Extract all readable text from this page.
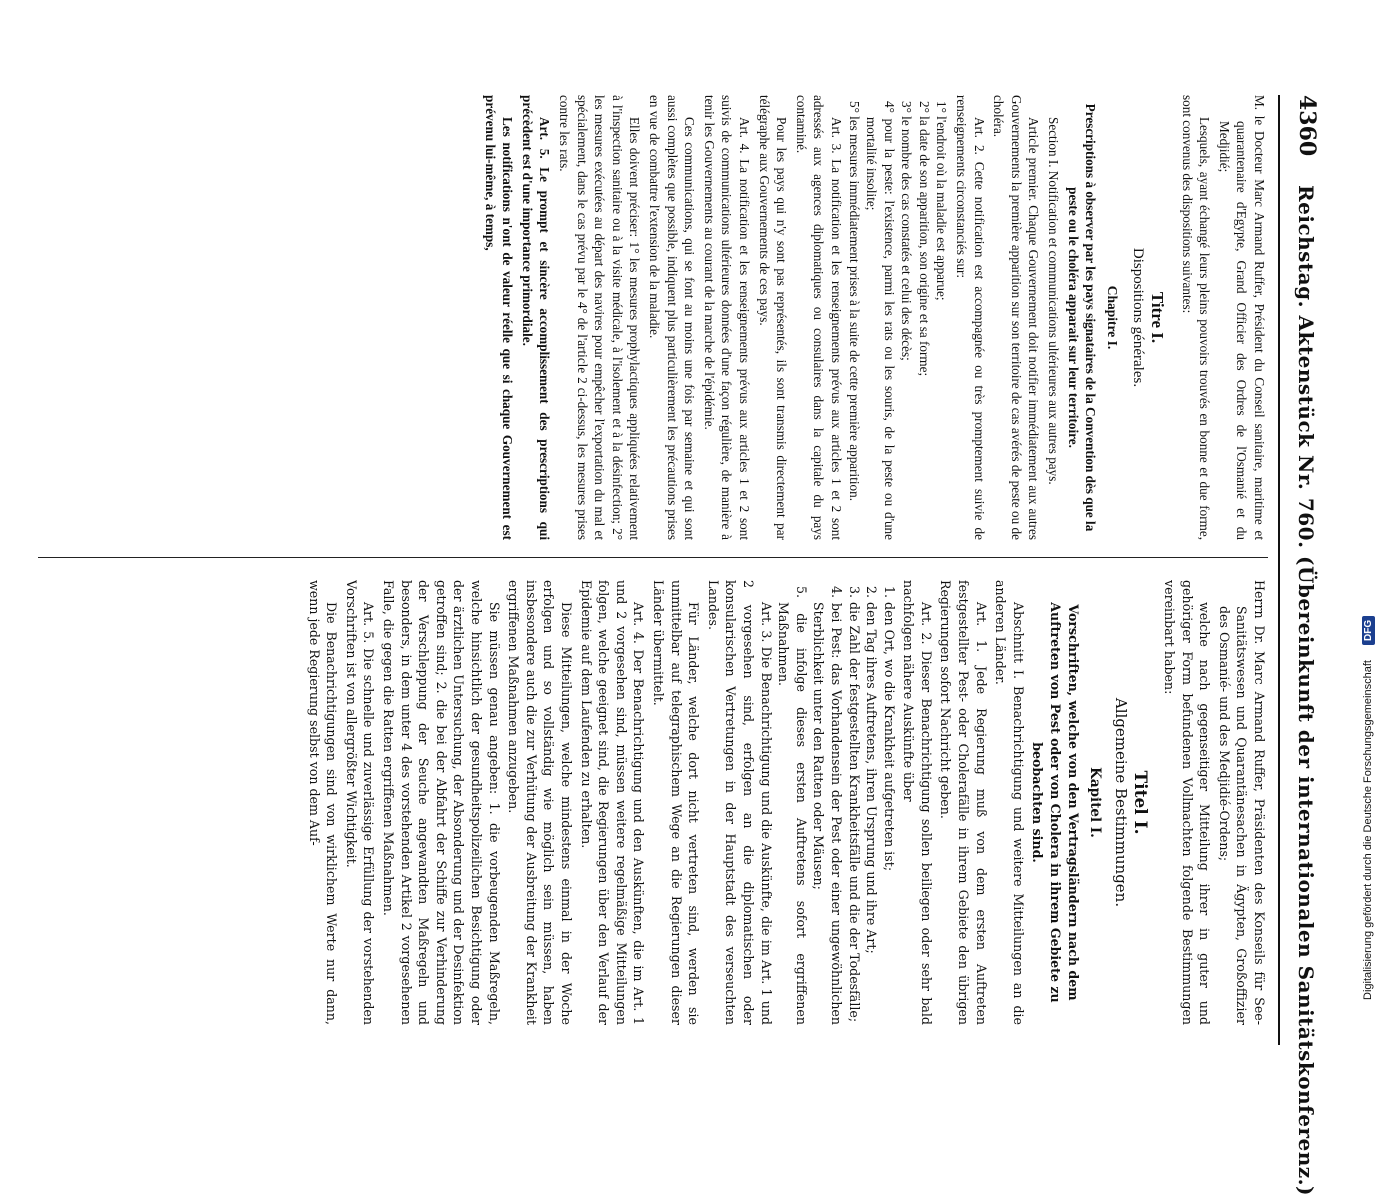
4360
Reichstag. Aktenstück Nr. 760. (Übereinkunft der internationalen Sanitätskonferenz.)

M. le Docteur Marc Armand Ruffer, Président du Conseil sanitaire, maritime et quarantenaire d'Egypte, Grand Officier des Ordres de l'Osmanié et du Medjidié;

Lesquels, ayant échangé leurs pleins pouvoirs trouvés en bonne et due forme, sont convenus des dispositions suivantes:

Titre I.

Dispositions générales.

Chapitre I.

Prescriptions à observer par les pays signataires de la Convention dès que la peste ou le choléra apparait sur leur territoire.

Section I. Notification et communications ultérieures aux autres pays.

Article premier. Chaque Gouvernement doit notifier immédiatement aux autres Gouvernements la première apparition sur son territoire de cas avérés de peste ou de choléra.

Art. 2. Cette notification est accompagnée ou très promptement suivie de renseignements circonstanciés sur:

1° l'endroit où la maladie est apparue;

2° la date de son apparition, son origine et sa forme;

3° le nombre des cas constatés et celui des décès;

4° pour la peste: l'existence, parmi les rats ou les souris, de la peste ou d'une mortalité insolite;

5° les mesures immédiatement prises à la suite de cette première apparition.

Art. 3. La notification et les renseignements prévus aux articles 1 et 2 sont adressés aux agences diplomatiques ou consulaires dans la capitale du pays contaminé.

Pour les pays qui n'y sont pas représentés, ils sont transmis directement par télégraphe aux Gouvernements de ces pays.

Art. 4. La notification et les renseignements prévus aux articles 1 et 2 sont suivis de communications ultérieures données d'une façon régulière, de manière à tenir les Gouvernements au courant de la marche de l'épidémie.

Ces communications, qui se font au moins une fois par semaine et qui sont aussi complètes que possible, indiquent plus particulièrement les précautions prises en vue de combattre l'extension de la maladie.

Elles doivent préciser: 1° les mesures prophylactiques appliquées relativement à l'inspection sanitaire ou à la visite médicale, à l'isolement et à la désinfection; 2° les mesures exécutées au départ des navires pour empêcher l'exportation du mal et spécialement, dans le cas prévu par le 4° de l'article 2 ci-dessus, les mesures prises contre les rats.

Art. 5. Le prompt et sincère accomplissement des prescriptions qui précèdent est d'une importance primordiale.

Les notifications n'ont de valeur réelle que si chaque Gouvernement est prévenu lui-même, à temps,

Herrn Dr. Marc Armand Ruffer, Präsidenten des Konseils für See-Sanitätswesen und Quarantänesachen in Ägypten, Großoffizier des Osmanié- und des Medjidié-Ordens;

welche nach gegenseitiger Mitteilung ihrer in guter und gehöriger Form befundenen Vollmachten folgende Bestimmungen vereinbart haben:

Titel I.

Allgemeine Bestimmungen.

Kapitel I.

Vorschriften, welche von den Vertragsländern nach dem Auftreten von Pest oder von Cholera in ihrem Gebiete zu beobachten sind.

Abschnitt I. Benachrichtigung und weitere Mitteilungen an die anderen Länder.

Art. 1. Jede Regierung muß von dem ersten Auftreten festgestellter Pest- oder Cholerafälle in ihrem Gebiete den übrigen Regierungen sofort Nachricht geben.

Art. 2. Dieser Benachrichtigung sollen beiliegen oder sehr bald nachfolgen nähere Auskünfte über

1. den Ort, wo die Krankheit aufgetreten ist;

2. den Tag ihres Auftretens, ihren Ursprung und ihre Art;

3. die Zahl der festgestellten Krankheitsfälle und die der Todesfälle;

4. bei Pest: das Vorhandensein der Pest oder einer ungewöhnlichen Sterblichkeit unter den Ratten oder Mäusen;

5. die infolge dieses ersten Auftretens sofort ergriffenen Maßnahmen.

Art. 3. Die Benachrichtigung und die Auskünfte, die im Art. 1 und 2 vorgesehen sind, erfolgen an die diplomatischen oder konsularischen Vertretungen in der Hauptstadt des verseuchten Landes.

Für Länder, welche dort nicht vertreten sind, werden sie unmittelbar auf telegraphischem Wege an die Regierungen dieser Länder übermittelt.

Art. 4. Der Benachrichtigung und den Auskünften, die im Art. 1 und 2 vorgesehen sind, müssen weitere regelmäßige Mitteilungen folgen, welche geeignet sind, die Regierungen über den Verlauf der Epidemie auf dem Laufenden zu erhalten.

Diese Mitteilungen, welche mindestens einmal in der Woche erfolgen und so vollständig wie möglich sein müssen, haben insbesondere auch die zur Verhütung der Ausbreitung der Krankheit ergriffenen Maßnahmen anzugeben.

Sie müssen genau angeben: 1. die vorbeugenden Maßregeln, welche hinsichtlich der gesundheitspolizeilichen Besichtigung oder der ärztlichen Untersuchung, der Absonderung und der Desinfektion getroffen sind; 2. die bei der Abfahrt der Schiffe zur Verhinderung der Verschleppung der Seuche angewandten Maßregeln und besonders, in dem unter 4 des vorstehenden Artikel 2 vorgesehenen Falle, die gegen die Ratten ergriffenen Maßnahmen.

Art. 5. Die schnelle und zuverlässige Erfüllung der vorstehenden Vorschriften ist von allergrößter Wichtigkeit.

Die Benachrichtigungen sind von wirklichem Werte nur dann, wenn jede Regierung selbst von dem Auf-	Digitalisierung gefördert durch die Deutsche Forschungsgemeinschaft DFG
